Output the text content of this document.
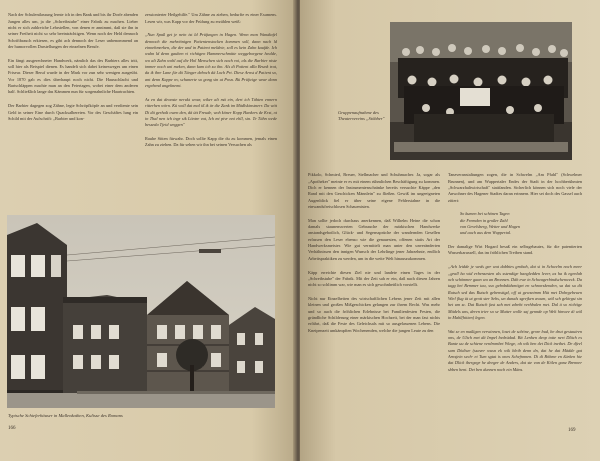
Nach der Schulentlassung lernte ich in den Bank und bis ihr Dorfe abenden Jungen alles um, ja die „Schreibstube" einer Fabrik zu machen. Lieber nicht er sich zahlreiche Lehrstellen, von denen er annimmt, daß sie ihn in seiner Freiheit nicht so sehr beeinträchtigen. Wenn noch der Held dennoch Schriftbrauch erkiesen, es gibt ach dennoch der Leser unbenommend an der humorvollen Darstellungen der einzelnen Berufe.

Ein fängt ausgerechneter Handwerk, nämlich das des Barbiers alles tritt, soll hier als Beispiel dienen. Es handelt sich dabei keinesweges um einen Friseur. Dieser Beruf wurde in der Mark vor zun sehr wenigen ausgeübt. Vor 1870 gab es dies überhaupt noch nicht. Die Hausschlacht und Bartschläppen machte man an den Feiertagen, wobei einer dem anderen half. Schließlich lange das Kämmen nun für sorgenahnliche Haartrachten.

Der Barbier dagegen zog Zähne, legte Schröpfköpfe an und verdiente sein Geld in seiner Eine durch Quacksalbereien. Vor des Geschäftes lung ein Schild mit der Aufschrift: „Barbier und kon-

zessionierter Heilgehilfe." Um Zähne zu ziehen, bedurfte es einer Examens. Lesen wir, was Kapp vor der Prüfung zu erzählen weiß:

„Nun Spaß get je nein ist ld Prüfungen in Hagen. Wenn man Wandtafel dennoch die mehrtönigen Patientenstocken kommen soll, dann nach ld einnehmerken, die der und in Patient meldete, soll es kein Zahn kaufde. Ich wuhn ld denn gauben vi richtigen Hammerschmitte weggeborgene heulde, wo alt Zahn wohl auf die Hol Menschen sich nach voi, als die Barbier niste immer noch uni meken, dann kam ich zu ihn. Als di Patient aRa Brunk trat, da ik ihre Lane für dä Tänger deboch dä Loch Prt. Diese Arnst d Patient so, ant denn Kappe ov, schanerte so gong sin ut Posn. Bü Prüfwige wear dann ergebend angeknemt.

As en dat deonste nerukt wour, wiker alt mä ein, dert ich Tähten ennern ritterhen wörn. Kü woll dat mal iß ik är die Zank im Mädlskinstnerr. Da witt Di dä gerhalt owen den, dä ütt Freude, woh köner Kopp Hankers de Krst, ot in Thal nen ich ingr sik Löntre vat, Ich mi pivr nni ehll, sin. Te Tähn wede besseda Tjeid weggen"

Rauhe Sitten fürwahr. Doch sollte Kapp die du zu kommen, jemals einen Zahn zu ziehen. Da für sehen wir ihn bei seinen Versuchen als

Typische Schieferhäuser in Mallenkathen, Kulisse des Romans
166
Gruppenaufnahme des Theatervereins „Stöbber"

Pikkolo, Schmied, Breuer, Stellmacher und Schuhmacher. Ja, sogar als „Apotheker" meinte er es mit einem rühmlichen Beschäftigung zu kommen. Dich er kennen der Instrumentenschränke bereits versuchte Käppe „den Rand mit den Geschicken Männlein" zu fließen. Gewiß im ungeeigneten Augenblick fiel er über seine eigene Fehlersiahne in die einwandsfreischlosen Schauenisten.

Man sollte jedoch durchaus anerkennen, daß Wilhelm Heine die schon damals staunenswerten Gebrauche der märkischen Handwerke anstandsgebotlich, Glück- und Segenssprüche der wandernden Gesellen erfassen den Leser ebenso wie die genauesten, offenen statis Art der Handwerksmeister. Wie gut vermittelt man unter den unveränderten Verhältnissen den innigen Wunsch der Lehrlinge jener Jahrzehnte, endlich Arbeitspraktiken zu werden, um in die weite Welt hinauszukommen.

Käpp erreichte diesen Ziel nie und landete einen Tages in der „Schreibstube" der Fabrik. Mit der Zeit sah er ein, daß nach diesen Jahren nicht so schlimm war, wie man es sich gewohnheitlich vorstellt.

Nicht nur Einzelheiten des wirtschaftlichen Lebens jener Zeit mit allen kleinen und großen Mißgeschicken gelangen zur ihrem Recht. Was mehr und so auch die fröhlichen Erlebnisse bei Familienfesten Festen, die gründliche Schilderung einer märkischen Hochzeit, bei der man fast nichts erfährt, daß die Feste des Geleichsals mit so ausgelassenen Lebens. Die Kneipenzeit umkämpften Wochenenden, welche die jungen Leute zu den

Tanzveranstaltungen zogen, die in Schwelm „Am Pfahl" (Schwelmer Brunnen), und am Wuppertaler Endes der Stadt in der hochberühmten „Schwarzhaltwirtschaft" stattfanden. Sicherlich können sich noch viele der Anwohner des Hagener Stadtes daran erinnern. Hier sei doch des Gassel auch zitiert:

So kumen bei schönen Tagen
die Fremden in großer Zahl
von Gevelsberg, Wetter und Hagen
und auch aus dem Wuppertal.

Der damalige Wirt Hogard besaß ein selbsgebautes, für die patentierten Wasserkarussell, das im fröhlichen Treiben stand.

„Ach leidde je weds ger wat dabbies grobah, dat si in Schwelm noch meer „grall ha wid erbensesten als sstendige hangledden lever, as ha ik egenlab och schönmer gaan wa an Bronnen. Däh ewe in Schwagerbindschenweck. Da tagg bei Bemmer tau, sso gebobdidsmöget en schnorskenden, sa dat su dit Rutsch sed das Rutsch gebenstigd, off ut gewsnimm Hüt met Dohrgebeuen Wiel flug üt ut grott ster Sehs, un dunals sgrejken awum, wäl sch gekirgst sin het um sc. Dat Rutsch fast sah met zdreht verhbalen met. Dal ä so richtige Mädels uns, deren trier so se Mutter wolle saj gennde op Welt hinwee di wäl in Mahl(hitten) legen.

Wat se en maßigen verwinnen, loset de scböne, grore bud, be drut gestauiren ons, de Ultch met dä Impel bedrüdad. Bit Lenhen deop totte nert Dläch es Bunte uu de schiene verdrombet Wiege, oh wik ben det Dick inethet. De dfeel sum Dödiwe (ssaver wusn ek wik bleib denn dn, dat he dat Mädde gat Arnsjein sech- et Tum sgtat is ones Schefnnnen. Di di Böhme en ßürken hie dat Dlick ibergegr he deeger de Anders, dat ste van de Kölen ganz Brenner sbben hent. Det ben dunnen noch ein Mäns.

169
